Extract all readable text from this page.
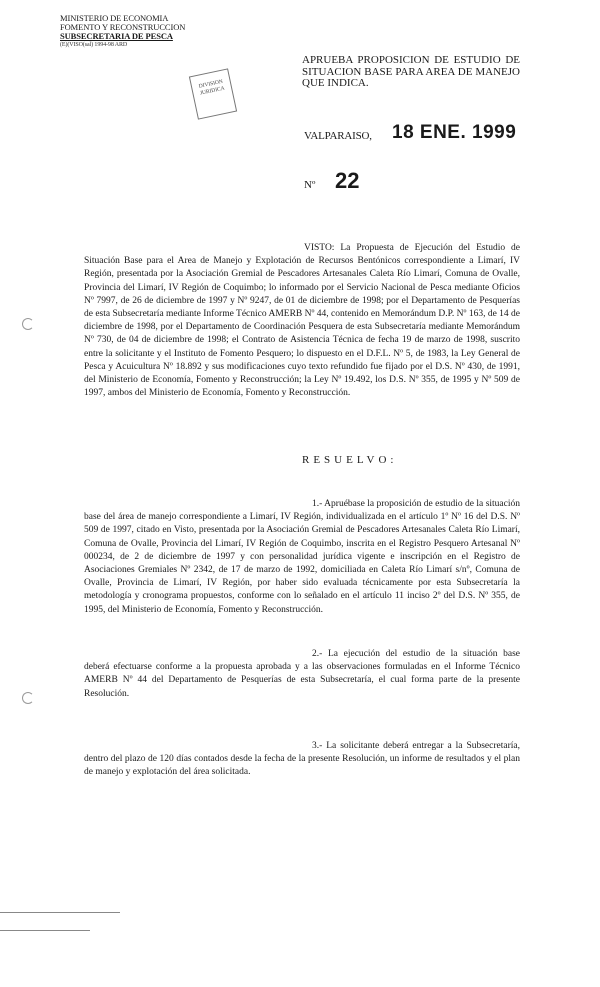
MINISTERIO DE ECONOMIA
FOMENTO Y RECONSTRUCCION
SUBSECRETARIA DE PESCA
(E)(VISO(sal) 1994-98 ARD
DIVISION JURIDICA
APRUEBA PROPOSICION DE ESTUDIO DE SITUACION BASE PARA AREA DE MANEJO QUE INDICA.
VALPARAISO, 18 ENE. 1999
Nº 22

VISTO: La Propuesta de Ejecución del Estudio de Situación Base para el Area de Manejo y Explotación de Recursos Bentónicos correspondiente a Limarí, IV Región, presentada por la Asociación Gremial de Pescadores Artesanales Caleta Río Limarí, Comuna de Ovalle, Provincia del Limarí, IV Región de Coquimbo; lo informado por el Servicio Nacional de Pesca mediante Oficios Nº 7997, de 26 de diciembre de 1997 y Nº 9247, de 01 de diciembre de 1998; por el Departamento de Pesquerías de esta Subsecretaría mediante Informe Técnico AMERB Nº 44, contenido en Memorándum D.P. Nº 163, de 14 de diciembre de 1998, por el Departamento de Coordinación Pesquera de esta Subsecretaría mediante Memorándum Nº 730, de 04 de diciembre de 1998; el Contrato de Asistencia Técnica de fecha 19 de marzo de 1998, suscrito entre la solicitante y el Instituto de Fomento Pesquero; lo dispuesto en el D.F.L. Nº 5, de 1983, la Ley General de Pesca y Acuicultura Nº 18.892 y sus modificaciones cuyo texto refundido fue fijado por el D.S. Nº 430, de 1991, del Ministerio de Economía, Fomento y Reconstrucción; la Ley Nº 19.492, los D.S. Nº 355, de 1995 y Nº 509 de 1997, ambos del Ministerio de Economía, Fomento y Reconstrucción.

RESUELVO:

1.- Apruébase la proposición de estudio de la situación base del área de manejo correspondiente a Limarí, IV Región, individualizada en el artículo 1º Nº 16 del D.S. Nº 509 de 1997, citado en Visto, presentada por la Asociación Gremial de Pescadores Artesanales Caleta Río Limarí, Comuna de Ovalle, Provincia del Limarí, IV Región de Coquimbo, inscrita en el Registro Pesquero Artesanal Nº 000234, de 2 de diciembre de 1997 y con personalidad jurídica vigente e inscripción en el Registro de Asociaciones Gremiales Nº 2342, de 17 de marzo de 1992, domiciliada en Caleta Río Limarí s/nº, Comuna de Ovalle, Provincia de Limarí, IV Región, por haber sido evaluada técnicamente por esta Subsecretaría la metodología y cronograma propuestos, conforme con lo señalado en el artículo 11 inciso 2º del D.S. Nº 355, de 1995, del Ministerio de Economía, Fomento y Reconstrucción.

2.- La ejecución del estudio de la situación base deberá efectuarse conforme a la propuesta aprobada y a las observaciones formuladas en el Informe Técnico AMERB Nº 44 del Departamento de Pesquerías de esta Subsecretaría, el cual forma parte de la presente Resolución.

3.- La solicitante deberá entregar a la Subsecretaría, dentro del plazo de 120 días contados desde la fecha de la presente Resolución, un informe de resultados y el plan de manejo y explotación del área solicitada.
